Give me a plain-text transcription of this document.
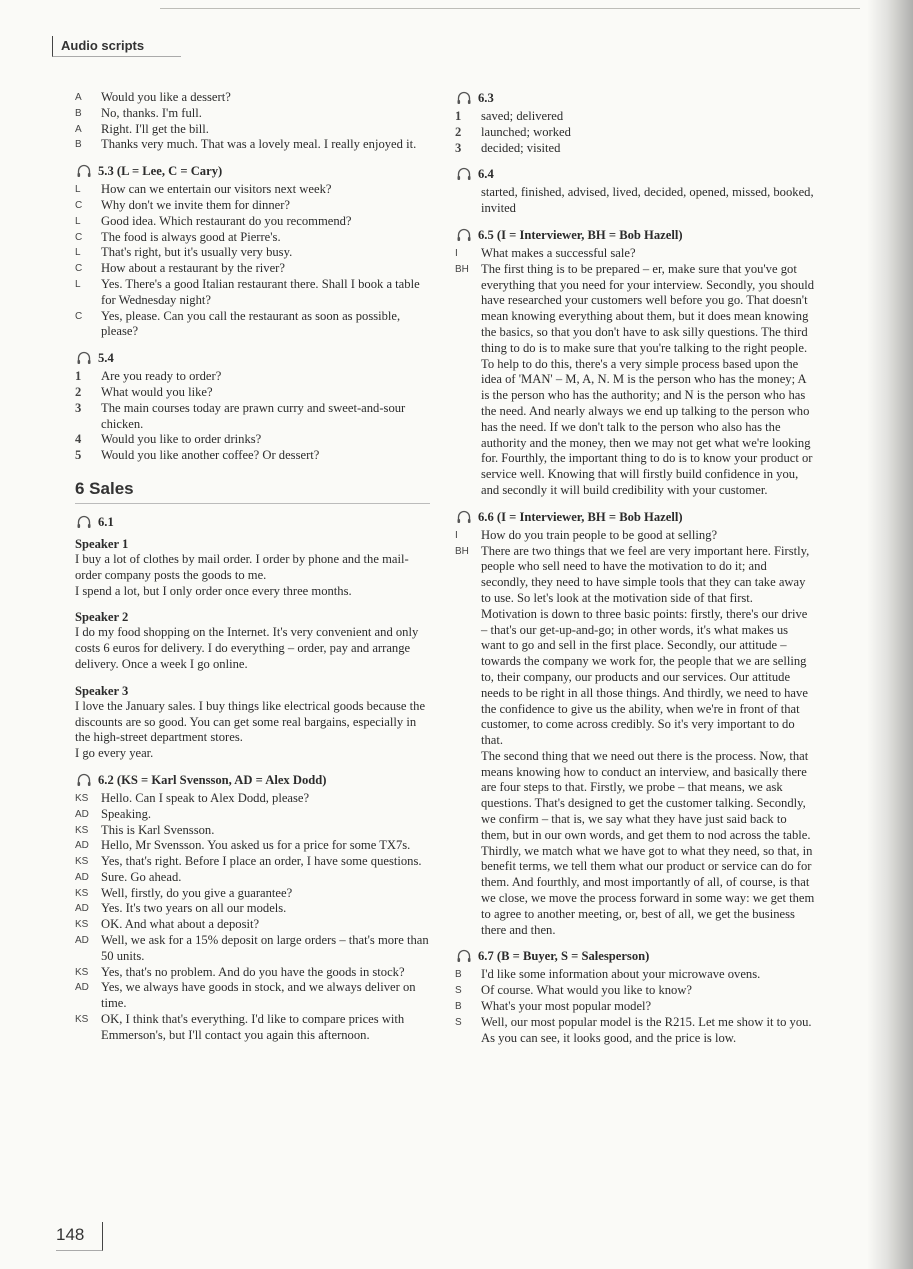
Audio scripts
A	Would you like a dessert?
B	No, thanks. I'm full.
A	Right. I'll get the bill.
B	Thanks very much. That was a lovely meal. I really enjoyed it.
5.3 (L = Lee, C = Cary)
L	How can we entertain our visitors next week?
C	Why don't we invite them for dinner?
L	Good idea. Which restaurant do you recommend?
C	The food is always good at Pierre's.
L	That's right, but it's usually very busy.
C	How about a restaurant by the river?
L	Yes. There's a good Italian restaurant there. Shall I book a table for Wednesday night?
C	Yes, please. Can you call the restaurant as soon as possible, please?
5.4
1	Are you ready to order?
2	What would you like?
3	The main courses today are prawn curry and sweet-and-sour chicken.
4	Would you like to order drinks?
5	Would you like another coffee? Or dessert?
6 Sales
6.1
Speaker 1
I buy a lot of clothes by mail order. I order by phone and the mail-order company posts the goods to me.
I spend a lot, but I only order once every three months.
Speaker 2
I do my food shopping on the Internet. It's very convenient and only costs 6 euros for delivery. I do everything – order, pay and arrange delivery. Once a week I go online.
Speaker 3
I love the January sales. I buy things like electrical goods because the discounts are so good. You can get some real bargains, especially in the high-street department stores.
I go every year.
6.2 (KS = Karl Svensson, AD = Alex Dodd)
KS	Hello. Can I speak to Alex Dodd, please?
AD Speaking.
KS	This is Karl Svensson.
AD Hello, Mr Svensson. You asked us for a price for some TX7s.
KS	Yes, that's right. Before I place an order, I have some questions.
AD Sure. Go ahead.
KS	Well, firstly, do you give a guarantee?
AD Yes. It's two years on all our models.
KS	OK. And what about a deposit?
AD Well, we ask for a 15% deposit on large orders – that's more than 50 units.
KS	Yes, that's no problem. And do you have the goods in stock?
AD Yes, we always have goods in stock, and we always deliver on time.
KS	OK, I think that's everything. I'd like to compare prices with Emmerson's, but I'll contact you again this afternoon.
6.3
1	saved; delivered
2	launched; worked
3	decided; visited
6.4
started, finished, advised, lived, decided, opened, missed, booked, invited
6.5 (I = Interviewer, BH = Bob Hazell)
I	What makes a successful sale?

BH The first thing is to be prepared – er, make sure that you've got everything that you need for your interview. Secondly, you should have researched your customers well before you go. That doesn't mean knowing everything about them, but it does mean knowing the basics, so that you don't have to ask silly questions. The third thing to do is to make sure that you're talking to the right people. To help to do this, there's a very simple process based upon the idea of 'MAN' – M, A, N. M is the person who has the money; A is the person who has the authority; and N is the person who has the need. And nearly always we end up talking to the person who has the need. If we don't talk to the person who also has the authority and the money, then we may not get what we're looking for. Fourthly, the important thing to do is to know your product or service well. Knowing that will firstly build confidence in you, and secondly it will build credibility with your customer.

6.6 (I = Interviewer, BH = Bob Hazell)
I	How do you train people to be good at selling?

BH There are two things that we feel are very important here. Firstly, people who sell need to have the motivation to do it; and secondly, they need to have simple tools that they can take away to use. So let's look at the motivation side of that first.

Motivation is down to three basic points: firstly, there's our drive – that's our get-up-and-go; in other words, it's what makes us want to go and sell in the first place. Secondly, our attitude – towards the company we work for, the people that we are selling to, their company, our products and our services. Our attitude needs to be right in all those things. And thirdly, we need to have the confidence to give us the ability, when we're in front of that customer, to come across credibly. So it's very important to do that.

The second thing that we need out there is the process. Now, that means knowing how to conduct an interview, and basically there are four steps to that. Firstly, we probe – that means, we ask questions. That's designed to get the customer talking. Secondly, we confirm – that is, we say what they have just said back to them, but in our own words, and get them to nod across the table. Thirdly, we match what we have got to what they need, so that, in benefit terms, we tell them what our product or service can do for them. And fourthly, and most importantly of all, of course, is that we close, we move the process forward in some way: we get them to agree to another meeting, or, best of all, we get the business there and then.

6.7 (B = Buyer, S = Salesperson)
B	I'd like some information about your microwave ovens.
S	Of course. What would you like to know?
B	What's your most popular model?
S	Well, our most popular model is the R215. Let me show it to you. As you can see, it looks good, and the price is low.
148
